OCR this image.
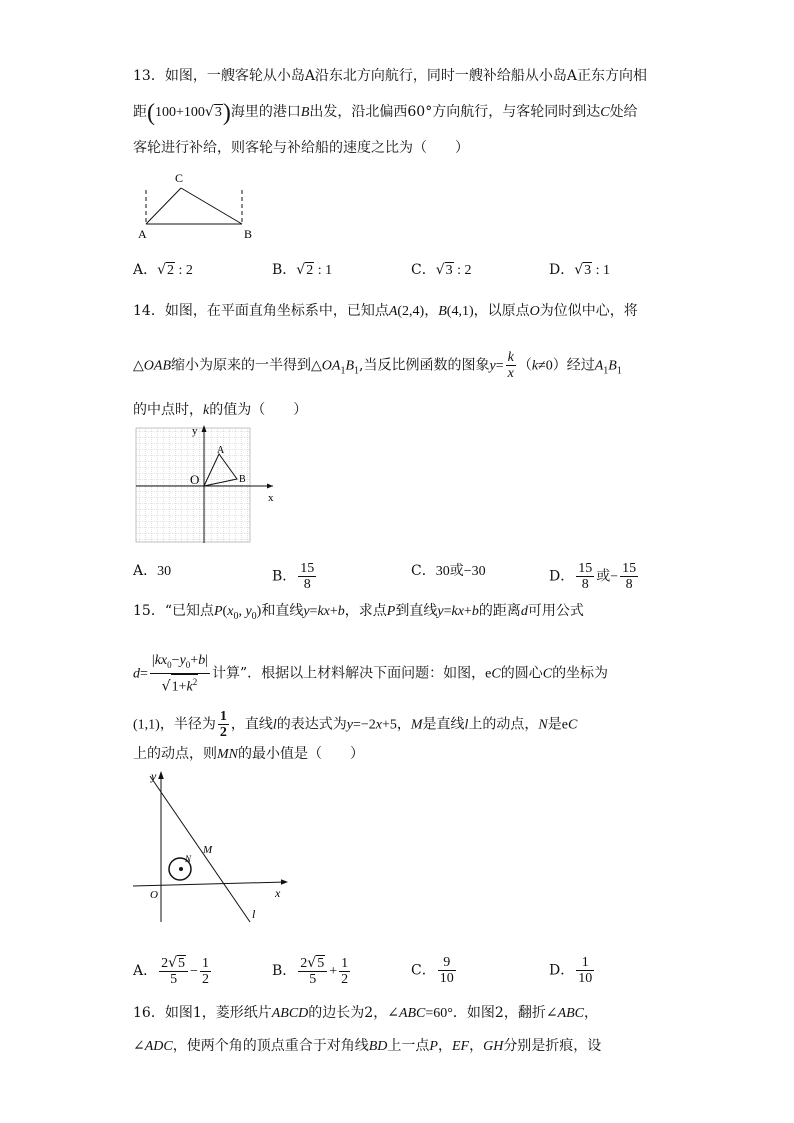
13．如图，一艘客轮从小岛A沿东北方向航行，同时一艘补给船从小岛A正东方向相
距(100+100√3)海里的港口B出发，沿北偏西60°方向航行，与客轮同时到达C处给
客轮进行补给，则客轮与补给船的速度之比为（　　）
C
A	B
A．√2 : 2	B．√2 : 1	C．√3 : 2	D．√3 : 1
14．如图，在平面直角坐标系中，已知点A(2,4)，B(4,1)，以原点O为位似中心，将
△OAB缩小为原来的一半得到$\triangle OA_1B_1$,当反比例函数的图象$y= \frac{k}{x} (k\ne 0)$经过$A_1B_1$
的中点时，k的值为（　　）
y
x
O
A
B
A．30	B． $\frac{15}{8}$	C．30或−30	D． $\frac{15}{8}$ 或− $\frac{15}{8}$
15．“已知点$P(x_0$, $y_0$)和直线y=kx+b，求点P到直线y=kx+b的距离d可用公式
$d= \frac{|kx_0-y_0+b|}{√1+k^2}$ 计算”．根据以上材料解决下面问题：如图，eC的圆心C的坐标为
(1,1)，半径为 $\frac{1}{2}$ ，直线l的表达式为y=−2x+5，M是直线l上的动点，N是eC
上的动点，则MN的最小值是（　　）
y
x
O
M
N
l
A． $\frac{2√5}{5} - \frac{1}{2}$	B． $\frac{2√5}{5} + \frac{1}{2}$	C． $\frac{9}{10}$	D． $\frac{1}{10}$
16．如图1，菱形纸片ABCD的边长为2，∠ABC=60°．如图2，翻折∠ABC，
∠ADC，使两个角的顶点重合于对角线BD上一点P，EF，GH分别是折痕，设
